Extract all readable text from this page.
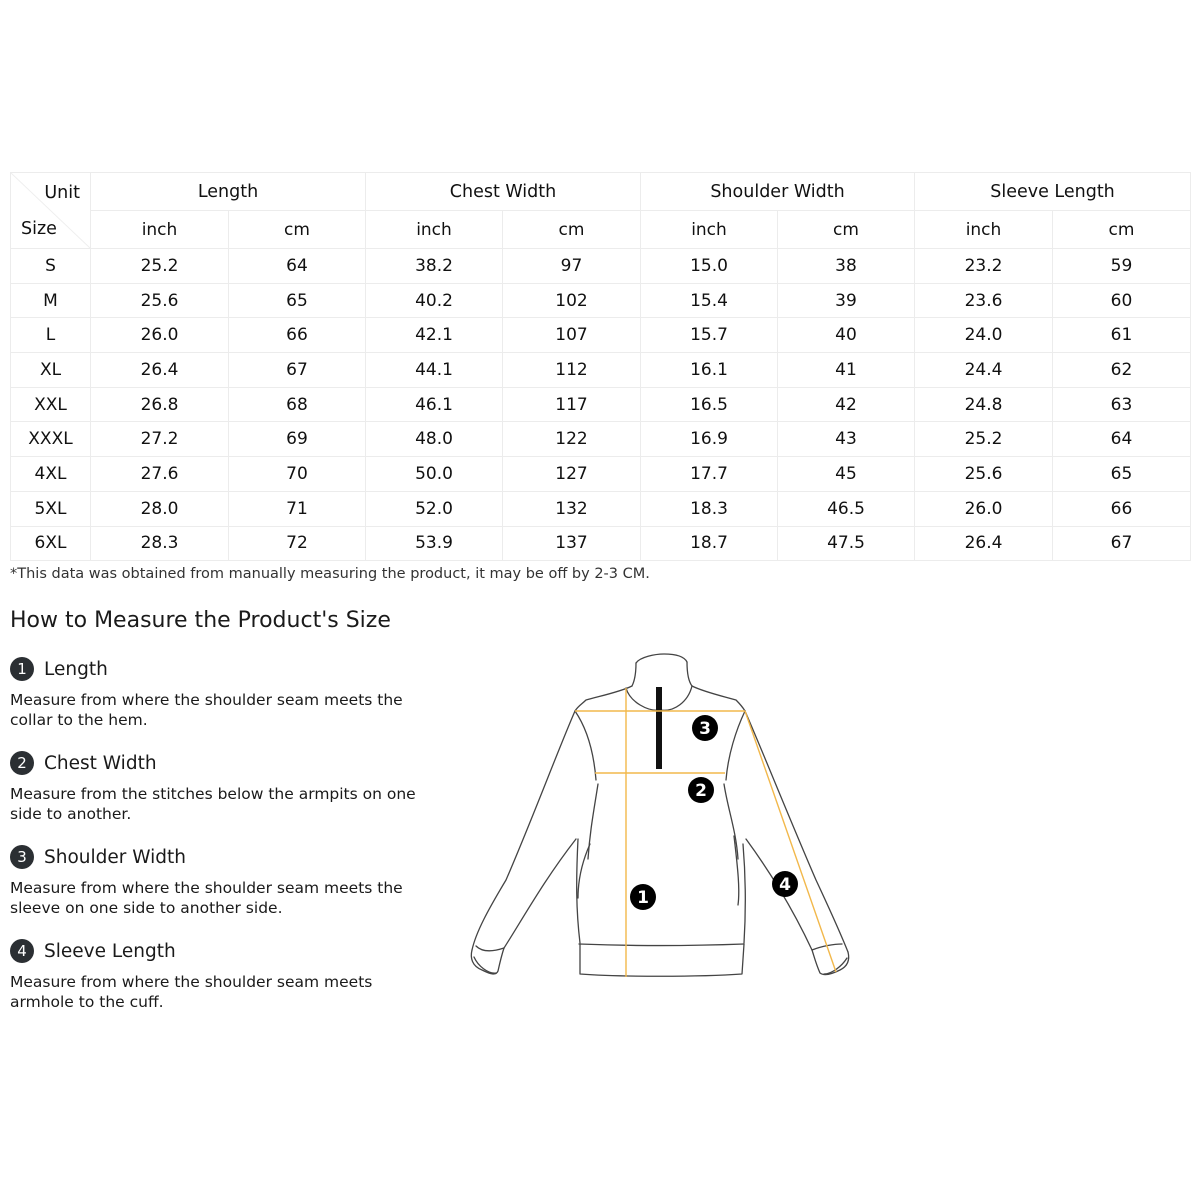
Unit
Size	Length		Chest Width		Shoulder Width		Sleeve Length	
	inch	cm	inch	cm	inch	cm	inch	cm
S	25.2	64	38.2	97	15.0	38	23.2	59
M	25.6	65	40.2	102	15.4	39	23.6	60
L	26.0	66	42.1	107	15.7	40	24.0	61
XL	26.4	67	44.1	112	16.1	41	24.4	62
XXL	26.8	68	46.1	117	16.5	42	24.8	63
XXXL	27.2	69	48.0	122	16.9	43	25.2	64
4XL	27.6	70	50.0	127	17.7	45	25.6	65
5XL	28.0	71	52.0	132	18.3	46.5	26.0	66
6XL	28.3	72	53.9	137	18.7	47.5	26.4	67
*This data was obtained from manually measuring the product, it may be off by 2-3 CM.
How to Measure the Product's Size
1 Length
Measure from where the shoulder seam meets the collar to the hem.
2 Chest Width
Measure from the stitches below the armpits on one side to another.
3 Shoulder Width
Measure from where the shoulder seam meets the sleeve on one side to another side.
4 Sleeve Length
Measure from where the shoulder seam meets armhole to the cuff.
3
2
1
4
